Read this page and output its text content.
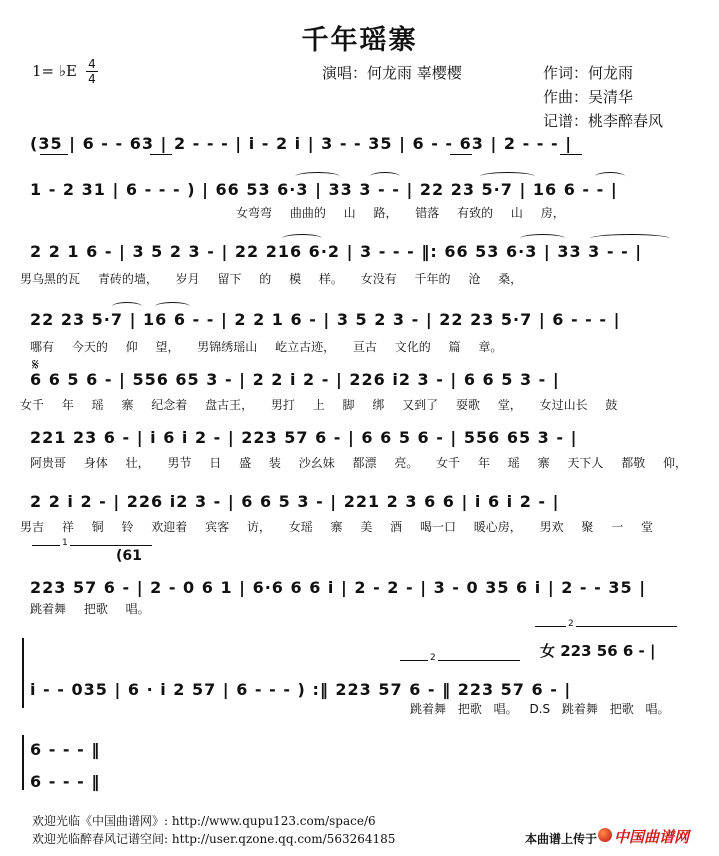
千年瑶寨
1= ♭E 4
4	演唱：何龙雨 辜樱樱	作词：何龙雨
作曲：吴清华
记谱：桃李醉春风
(35 | 6 - - 63 | 2 - - - | i - 2 i | 3 - - 35 | 6 - - 63 | 2 - - - |
1 - 2 31 | 6 - - - ) | 66 53 6·3 | 33 3 - - | 22 23 5·7 | 16 6 - - |
女弯弯 曲曲的 山 路， 错落 有致的 山 房，
2 2 1 6 - | 3 5 2 3 - | 22 216 6·2 | 3 - - - ‖: 66 53 6·3 | 33 3 - - |
男乌黑的瓦 青砖的墙， 岁月 留下 的 模 样。 女没有 千年的 沧 桑，
22 23 5·7 | 16 6 - - | 2 2 1 6 - | 3 5 2 3 - | 22 23 5·7 | 6 - - - |
哪有 今天的 仰 望， 男锦绣瑶山 屹立古迹， 亘古 文化的 篇 章。
𝄋
6 6 5 6 - | 556 65 3 - | 2 2 i 2 - | 226 i2 3 - | 6 6 5 3 - |
女千 年 瑶 寨 纪念着 盘古王， 男打 上 脚 绑 又到了 耍歌 堂， 女过山长 鼓
221 23 6 - | i 6 i 2 - | 223 57 6 - | 6 6 5 6 - | 556 65 3 - |
阿贵哥 身体 壮， 男节 日 盛 装 沙幺妹 都漂 亮。 女千 年 瑶 寨 天下人 都敬 仰，
2 2 i 2 - | 226 i2 3 - | 6 6 5 3 - | 221 2 3 6 6 | i 6 i 2 - |
男吉 祥 铜 铃 欢迎着 宾客 访， 女瑶 寨 美 酒 喝一口 暖心房， 男欢 聚 一 堂
1
(61
223 57 6 - | 2 - 0 6 1 | 6·6 6 6 i | 2 - 2 - | 3 - 0 35 6 i | 2 - - 35 |
跳着舞 把歌 唱。
2
女 223 56 6 - |
2
i - - 035 | 6 · i 2 57 | 6 - - - ) :‖ 223 57 6 - ‖ 223 57 6 - |
跳着舞 把歌 唱。 D.S 跳着舞 把歌 唱。
6 - - - ‖
6 - - - ‖
欢迎光临《中国曲谱网》: http://www.qupu123.com/space/6
欢迎光临醉春风记谱空间: http://user.qzone.qq.com/563264185	本曲谱上传于 中国曲谱网
